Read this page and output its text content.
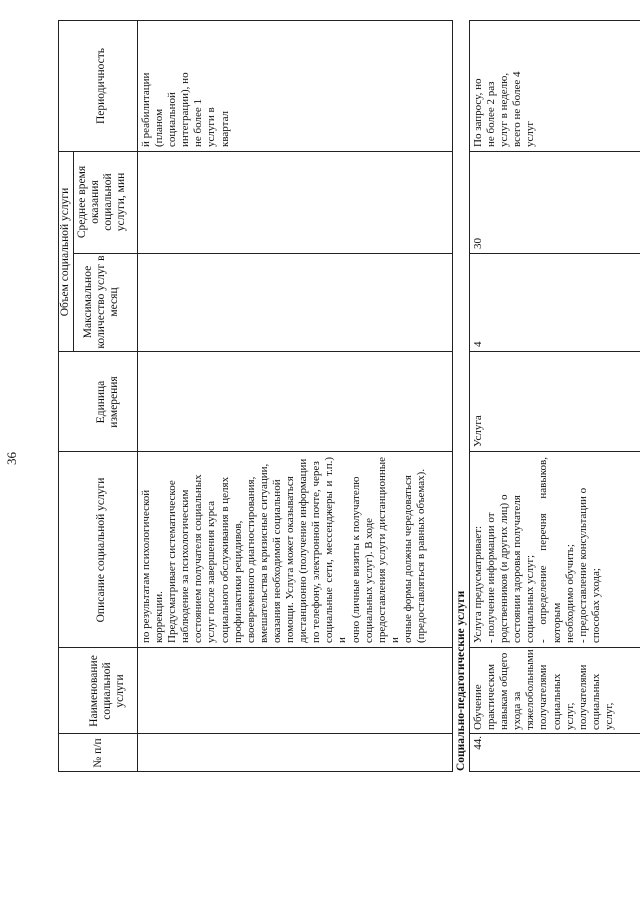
36
№ п/п
Наименование социальной услуги
Описание социальной услуги
Объем социальной услуги
Единица измерения
Максимальное количество услуг в месяц
Среднее время оказания социальной услуги, мин
Периодичность
по результатам психологической коррекции. Предусматривает систематическое наблюдение за психологическим состоянием получателя социальных услуг после завершения курса социального обслуживания в целях профилактики рецидивов, своевременного диагностирования, вмешательства в кризисные ситуации, оказания необходимой социальной помощи. Услуга может оказываться дистанционно (получение информации по телефону, электронной почте, через социальные сети, мессенджеры и т.п.) и очно (личные визиты к получателю социальных услуг). В ходе предоставления услуги дистанционные и очные формы должны чередоваться (предоставляться в равных объемах).
й реабилитации (планом социальной интеграции), но не более 1 услуги в квартал
Социально-педагогические услуги 44.
Обучение практическим навыкам общего ухода за тяжелобольными получателями социальных услуг, получателями социальных услуг,
Услуга предусматривает: - получение информации от родственников (и других лиц) о состоянии здоровья получателя социальных услуг; - определение перечня навыков, которым необходимо обучить; - предоставление консультации о способах ухода;
Услуга
4
30
По запросу, но не более 2 раз услуг в неделю, всего не более 4 услуг
